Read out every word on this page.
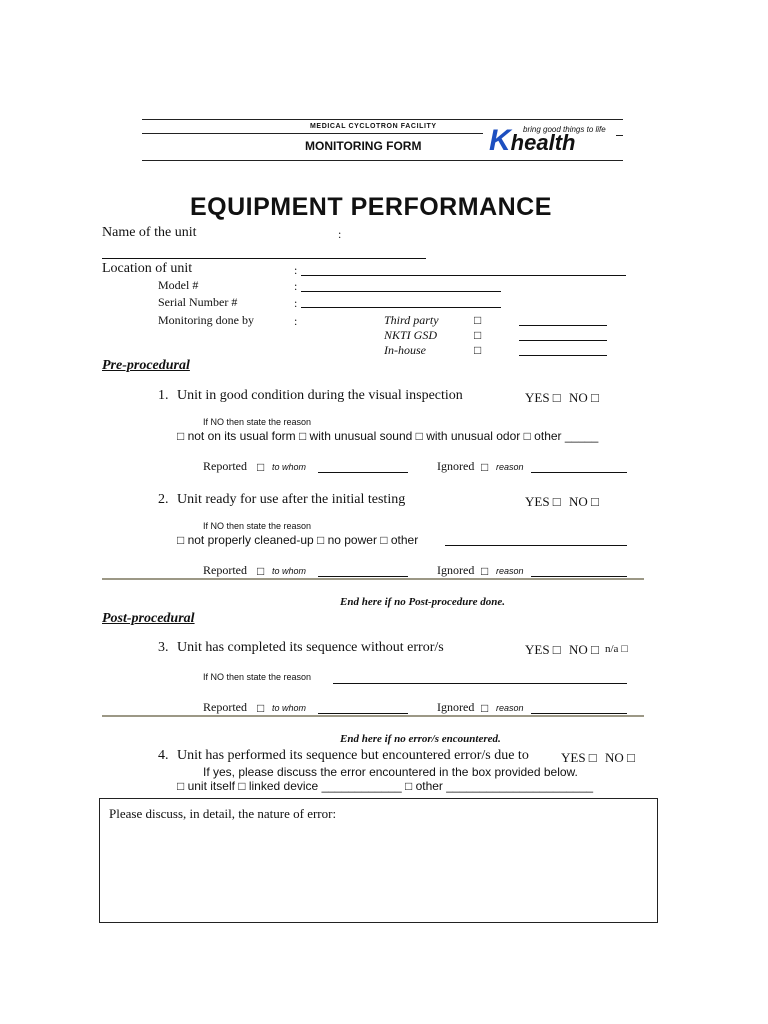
MEDICAL CYCLOTRON FACILITY
MONITORING FORM Khealth
bring good things to life
EQUIPMENT PERFORMANCE
Name of the unit	:
Location of unit	:
Model #	:
Serial Number #	:
Monitoring done by	:	Third party	□
NKTI GSD	□
In-house	□
Pre-procedural
1. Unit in good condition during the visual inspection	YES □ NO □
If NO then state the reason
□ not on its usual form □ with unusual sound □ with unusual odor □ other _____
Reported □ to whom	Ignored □ reason
2. Unit ready for use after the initial testing	YES □ NO □
If NO then state the reason
□ not properly cleaned-up □ no power □ other
Reported □ to whom	Ignored □ reason
End here if no Post-procedure done.
Post-procedural
3. Unit has completed its sequence without error/s	YES □ NO □ n/a □
If NO then state the reason
Reported □ to whom	Ignored □ reason
End here if no error/s encountered.
4. Unit has performed its sequence but encountered error/s due to YES □ NO □
If yes, please discuss the error encountered in the box provided below.
□ unit itself □ linked device ____________ □ other ______________________
Please discuss, in detail, the nature of error:
